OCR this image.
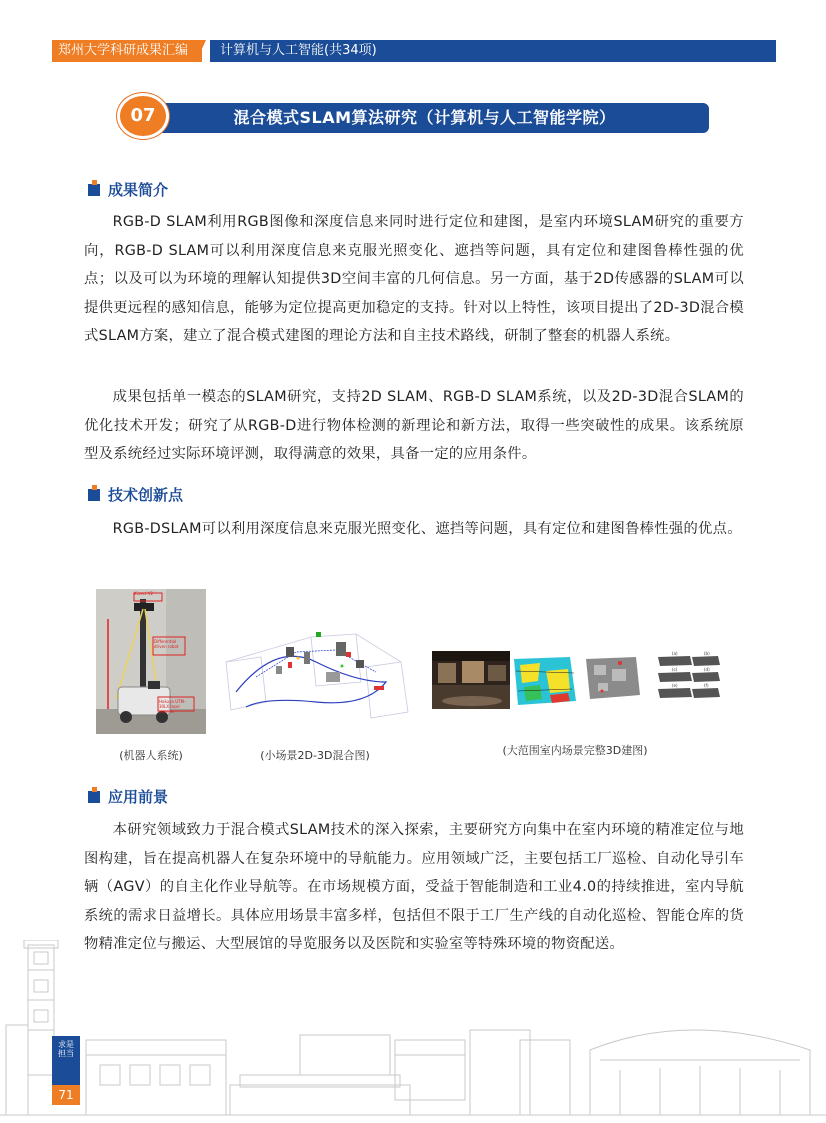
郑州大学科研成果汇编	计算机与人工智能(共34项)
混合模式SLAM算法研究（计算机与人工智能学院）
07
成果简介
RGB-D SLAM利用RGB图像和深度信息来同时进行定位和建图，是室内环境SLAM研究的重要方向，RGB-D SLAM可以利用深度信息来克服光照变化、遮挡等问题，具有定位和建图鲁棒性强的优点；以及可以为环境的理解认知提供3D空间丰富的几何信息。另一方面，基于2D传感器的SLAM可以提供更远程的感知信息，能够为定位提高更加稳定的支持。针对以上特性，该项目提出了2D-3D混合模式SLAM方案，建立了混合模式建图的理论方法和自主技术路线，研制了整套的机器人系统。
成果包括单一模态的SLAM研究，支持2D SLAM、RGB-D SLAM系统，以及2D-3D混合SLAM的优化技术开发；研究了从RGB-D进行物体检测的新理论和新方法，取得一些突破性的成果。该系统原型及系统经过实际环境评测，取得满意的效果，具备一定的应用条件。
技术创新点
RGB-DSLAM可以利用深度信息来克服光照变化、遮挡等问题，具有定位和建图鲁棒性强的优点。
Kinect V2
Differential driven robot
Hokuyo UTM-30LX laser scanner
(机器人系统)	(小场景2D-3D混合图)
(a)	(b)
(c)	(d)
(e)	(f)
(大范围室内场景完整3D建图)
应用前景
本研究领域致力于混合模式SLAM技术的深入探索，主要研究方向集中在室内环境的精准定位与地图构建，旨在提高机器人在复杂环境中的导航能力。应用领域广泛，主要包括工厂巡检、自动化导引车辆（AGV）的自主化作业导航等。在市场规模方面，受益于智能制造和工业4.0的持续推进，室内导航系统的需求日益增长。具体应用场景丰富多样，包括但不限于工厂生产线的自动化巡检、智能仓库的货物精准定位与搬运、大型展馆的导览服务以及医院和实验室等特殊环境的物资配送。
求是担当
71
